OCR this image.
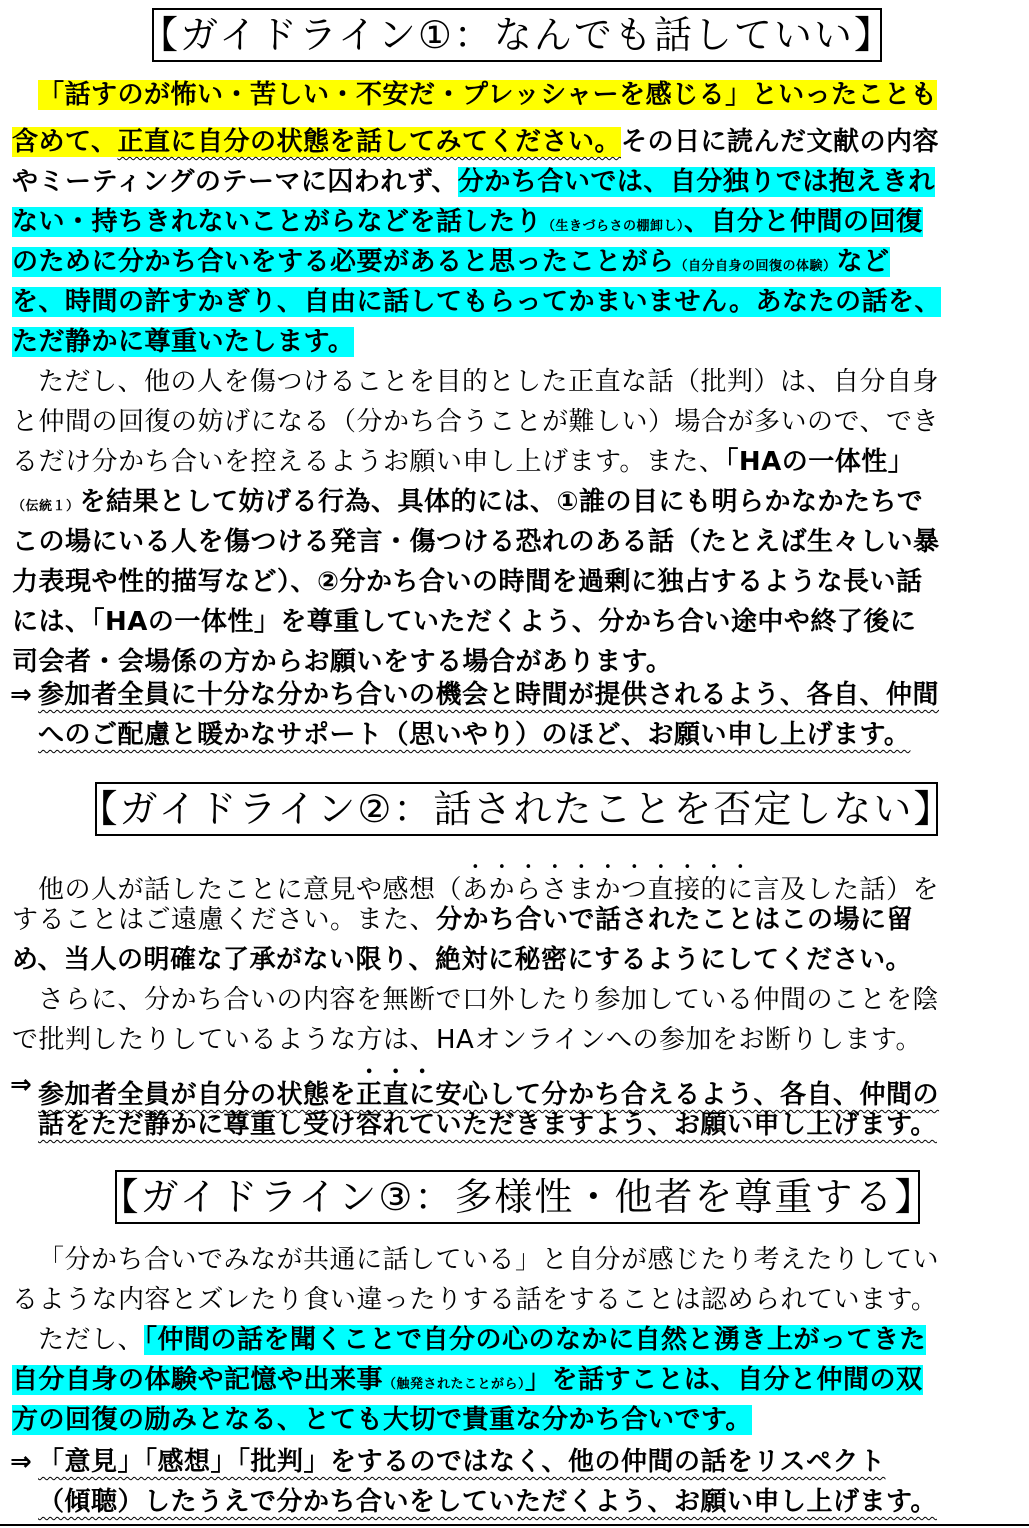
【ガイドライン①：なんでも話していい】
「話すのが怖い・苦しい・不安だ・プレッシャーを感じる」といったことも
含めて、正直に自分の状態を話してみてください。その日に読んだ文献の内容
やミーティングのテーマに囚われず、分かち合いでは、自分独りでは抱えきれ
ない・持ちきれないことがらなどを話したり（生きづらさの棚卸し）、自分と仲間の回復
のために分かち合いをする必要があると思ったことがら（自分自身の回復の体験）など
を、時間の許すかぎり、自由に話してもらってかまいません。あなたの話を、
ただ静かに尊重いたします。
ただし、他の人を傷つけることを目的とした正直な話（批判）は、自分自身
と仲間の回復の妨げになる（分かち合うことが難しい）場合が多いので、でき
るだけ分かち合いを控えるようお願い申し上げます。また、「HAの一体性」
（伝統１）を結果として妨げる行為、具体的には、①誰の目にも明らかなかたちで
この場にいる人を傷つける発言・傷つける恐れのある話（たとえば生々しい暴
力表現や性的描写など）、②分かち合いの時間を過剰に独占するような長い話
には、「HAの一体性」を尊重していただくよう、分かち合い途中や終了後に
司会者・会場係の方からお願いをする場合があります。
⇒ 参加者全員に十分な分かち合いの機会と時間が提供されるよう、各自、仲間
へのご配慮と暖かなサポート（思いやり）のほど、お願い申し上げます。
【ガイドライン②：話されたことを否定しない】
他の人が話したことに意見や感想（あからさまかつ直接的に言及した話）を
することはご遠慮ください。また、分かち合いで話されたことはこの場に留
め、当人の明確な了承がない限り、絶対に秘密にするようにしてください。
さらに、分かち合いの内容を無断で口外したり参加している仲間のことを陰
で批判したりしているような方は、HAオンラインへの参加をお断りします。
⇒ 参加者全員が自分の状態を正直に安心して分かち合えるよう、各自、仲間の
話をただ静かに尊重し受け容れていただきますよう、お願い申し上げます。
【ガイドライン③：多様性・他者を尊重する】
「分かち合いでみなが共通に話している」と自分が感じたり考えたりしてい
るような内容とズレたり食い違ったりする話をすることは認められています。
ただし、「仲間の話を聞くことで自分の心のなかに自然と湧き上がってきた
自分自身の体験や記憶や出来事（触発されたことがら）」を話すことは、自分と仲間の双
方の回復の励みとなる、とても大切で貴重な分かち合いです。
⇒ 「意見」「感想」「批判」をするのではなく、他の仲間の話をリスペクト
（傾聴）したうえで分かち合いをしていただくよう、お願い申し上げます。
